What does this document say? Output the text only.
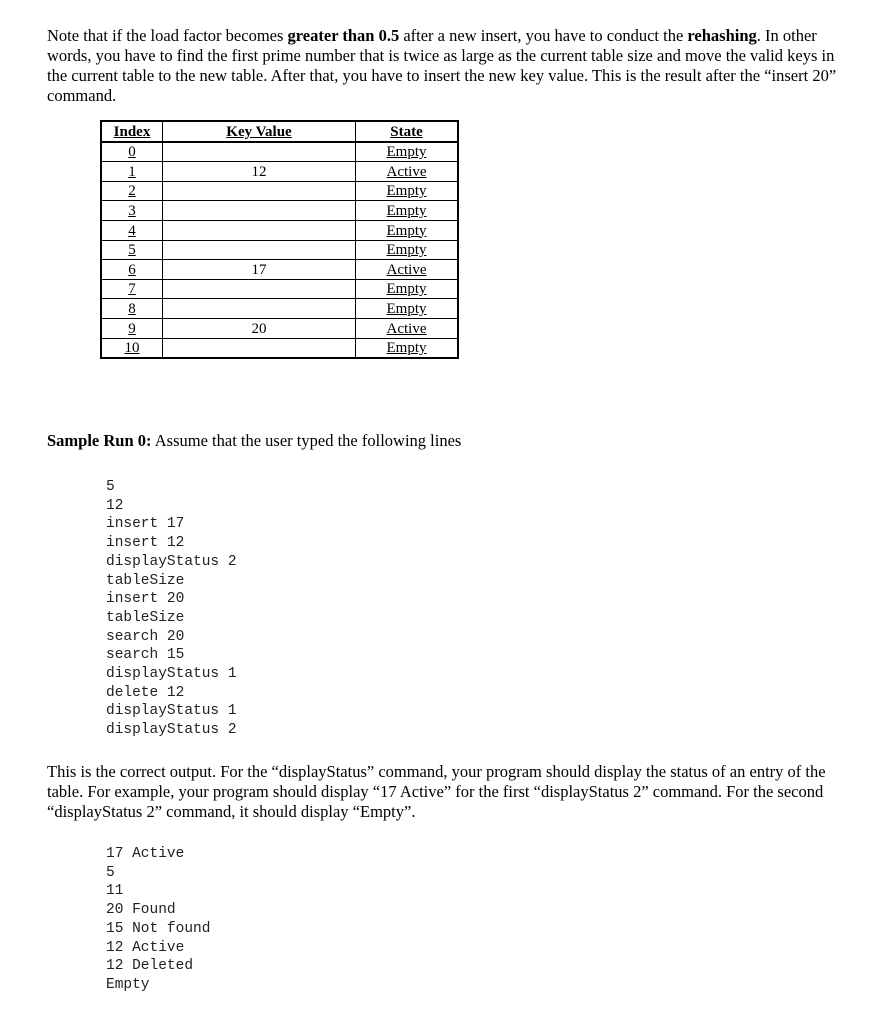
Note that if the load factor becomes greater than 0.5 after a new insert, you have to conduct the rehashing. In other words, you have to find the first prime number that is twice as large as the current table size and move the valid keys in the current table to the new table. After that, you have to insert the new key value. This is the result after the “insert 20” command.

Index	Key Value	State
0		Empty
1	12	Active
2		Empty
3		Empty
4		Empty
5		Empty
6	17	Active
7		Empty
8		Empty
9	20	Active
10		Empty

Sample Run 0: Assume that the user typed the following lines

5
12
insert 17
insert 12
displayStatus 2
tableSize
insert 20
tableSize
search 20
search 15
displayStatus 1
delete 12
displayStatus 1
displayStatus 2

This is the correct output. For the “displayStatus” command, your program should display the status of an entry of the table. For example, your program should display “17 Active” for the first “displayStatus 2” command. For the second “displayStatus 2” command, it should display “Empty”.

17 Active
5
11
20 Found
15 Not found
12 Active
12 Deleted
Empty
